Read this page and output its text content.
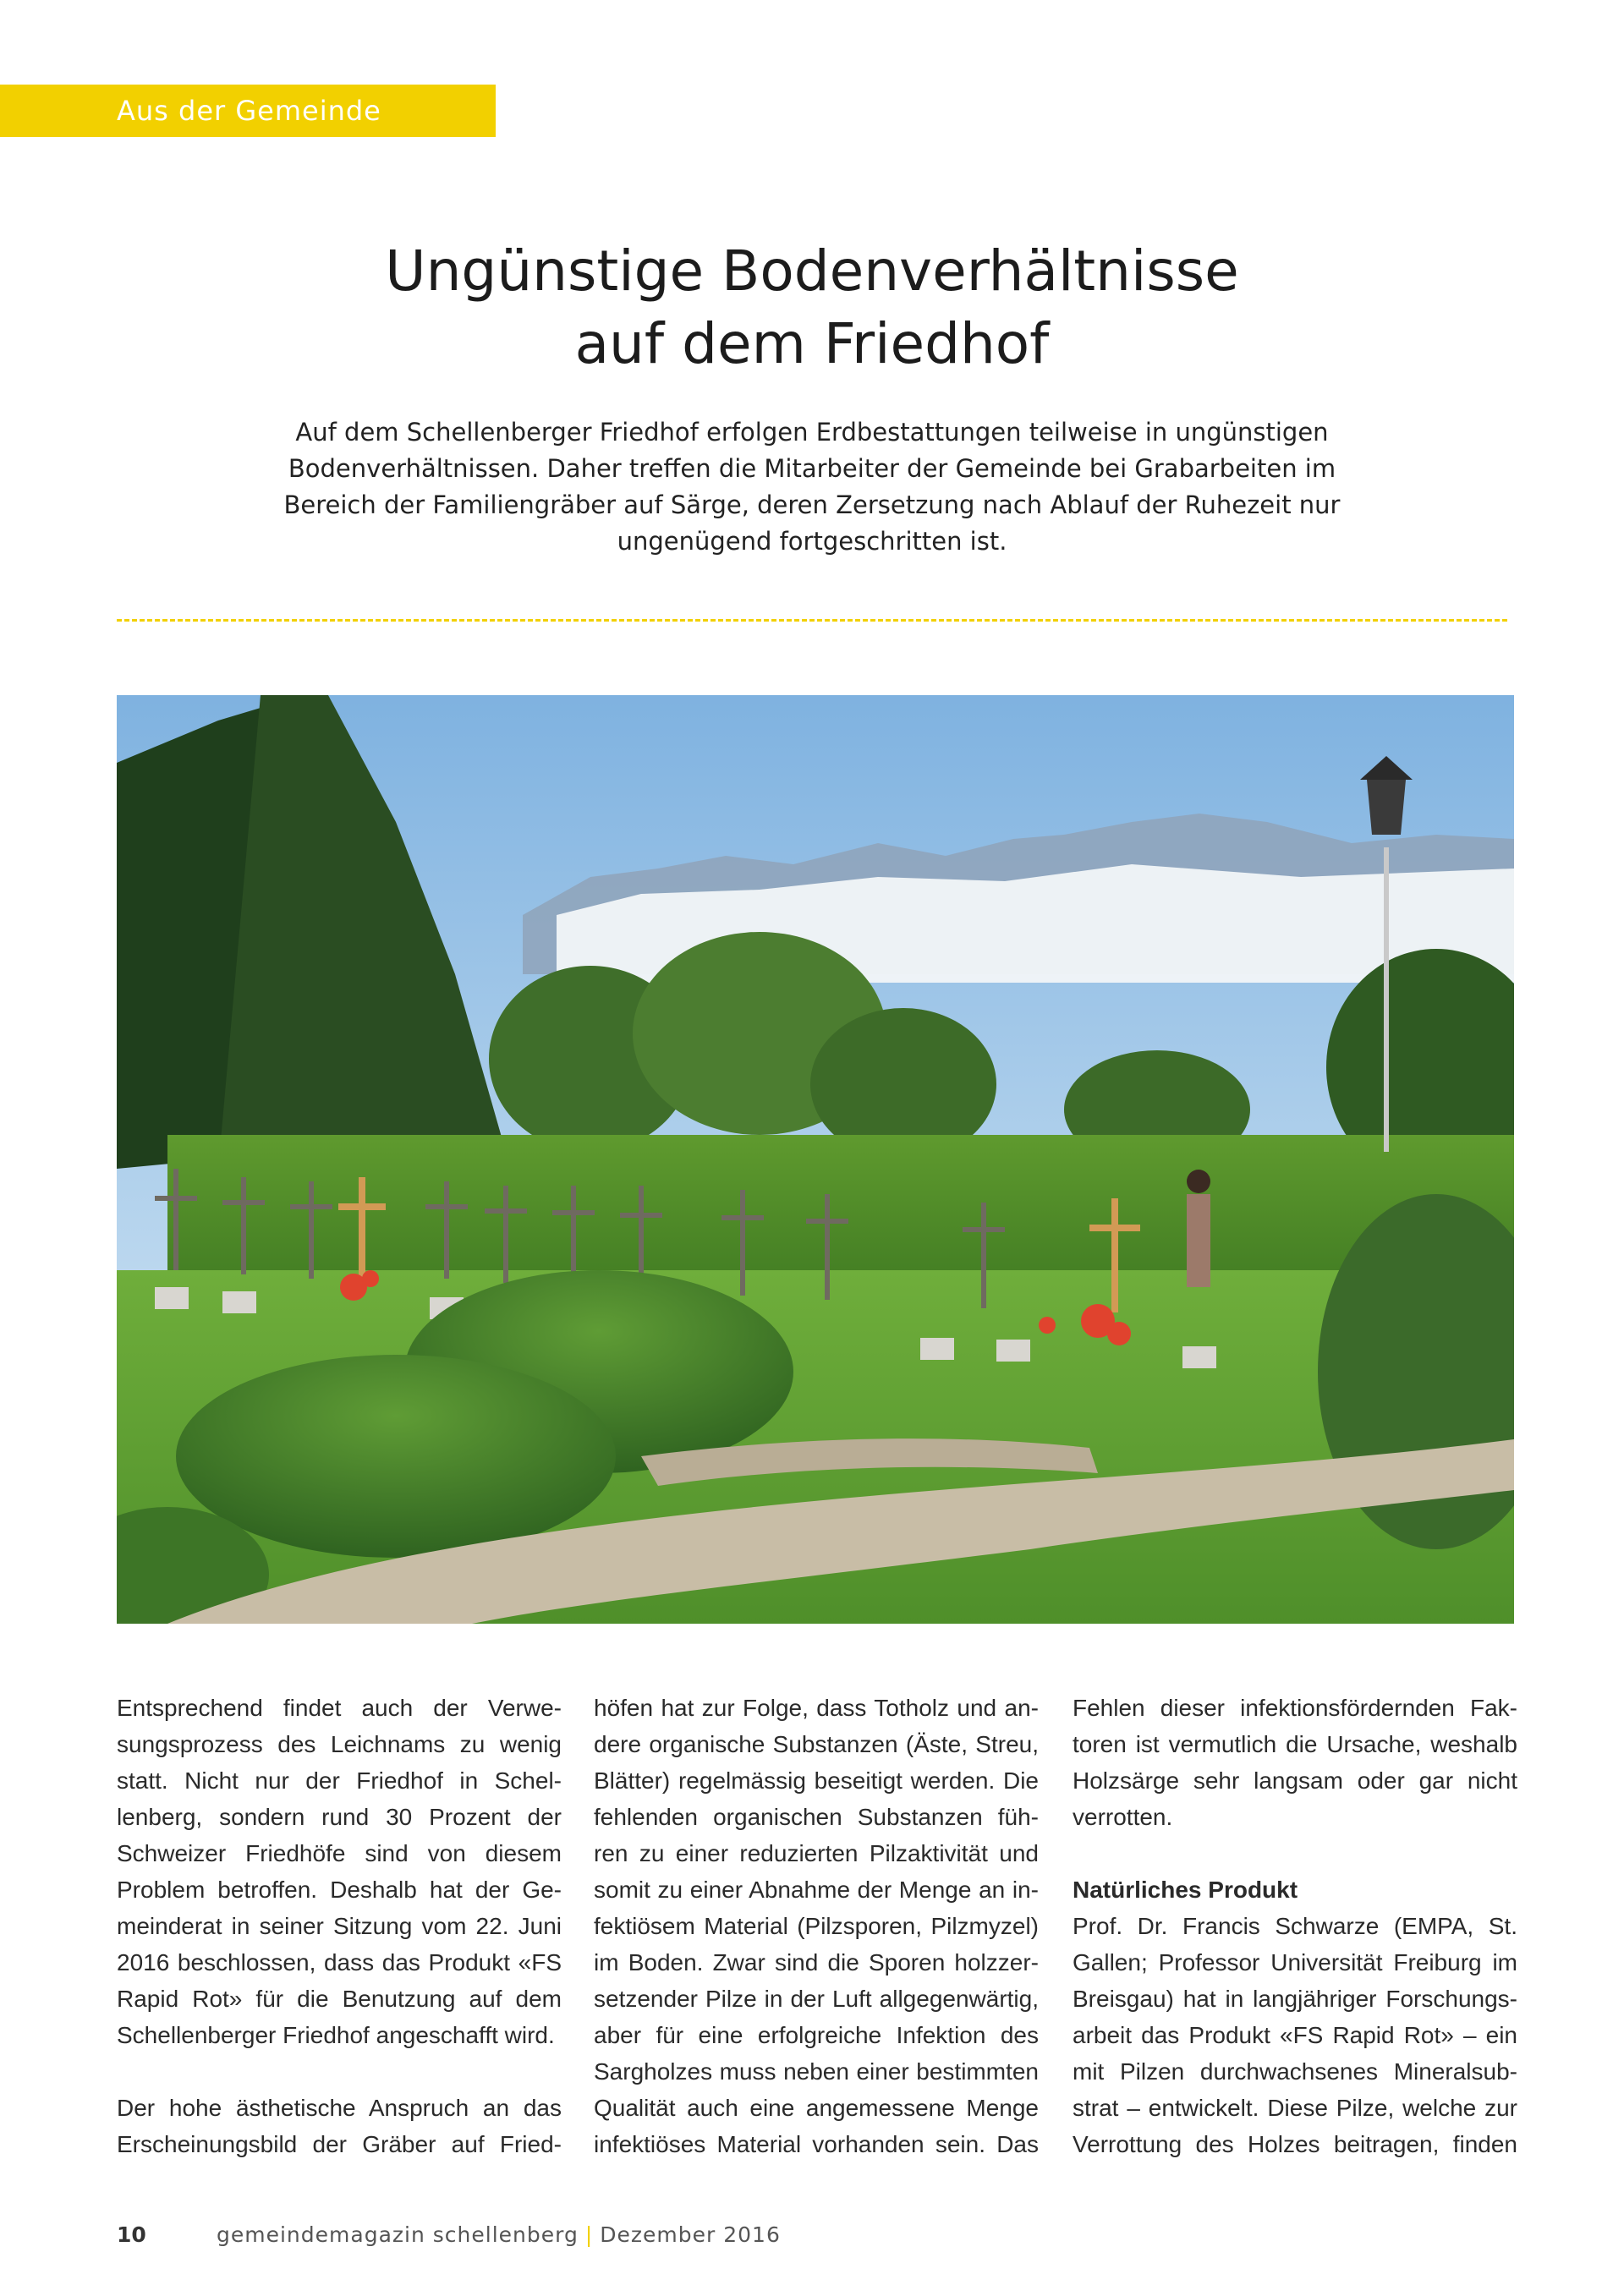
Aus der Gemeinde
Ungünstige Bodenverhältnisse
auf dem Friedhof
Auf dem Schellenberger Friedhof erfolgen Erdbestattungen teilweise in ungünstigen
Bodenverhältnissen. Daher treffen die Mitarbeiter der Gemeinde bei Grabarbeiten im
Bereich der Familiengräber auf Särge, deren Zersetzung nach Ablauf der Ruhezeit nur
ungenügend fortgeschritten ist.
Entsprechend findet auch der Verwe-
sungsprozess des Leichnams zu wenig
statt. Nicht nur der Friedhof in Schel-
lenberg, sondern rund 30 Prozent der
Schweizer Friedhöfe sind von diesem
Problem betroffen. Deshalb hat der Ge-
meinderat in seiner Sitzung vom 22. Juni
2016 beschlossen, dass das Produkt «FS
Rapid Rot» für die Benutzung auf dem
Schellenberger Friedhof angeschafft wird.
Der hohe ästhetische Anspruch an das
Erscheinungsbild der Gräber auf Fried-
höfen hat zur Folge, dass Totholz und an-
dere organische Substanzen (Äste, Streu,
Blätter) regelmässig beseitigt werden. Die
fehlenden organischen Substanzen füh-
ren zu einer reduzierten Pilzaktivität und
somit zu einer Abnahme der Menge an in-
fektiösem Material (Pilzsporen, Pilzmyzel)
im Boden. Zwar sind die Sporen holzzer-
setzender Pilze in der Luft allgegenwärtig,
aber für eine erfolgreiche Infektion des
Sargholzes muss neben einer bestimmten
Qualität auch eine angemessene Menge
infektiöses Material vorhanden sein. Das
Fehlen dieser infektionsfördernden Fak-
toren ist vermutlich die Ursache, weshalb
Holzsärge sehr langsam oder gar nicht
verrotten.
Natürliches Produkt
Prof. Dr. Francis Schwarze (EMPA, St.
Gallen; Professor Universität Freiburg im
Breisgau) hat in langjähriger Forschungs-
arbeit das Produkt «FS Rapid Rot» – ein
mit Pilzen durchwachsenes Mineralsub-
strat – entwickelt. Diese Pilze, welche zur
Verrottung des Holzes beitragen, finden
10	gemeindemagazin schellenberg | Dezember 2016
